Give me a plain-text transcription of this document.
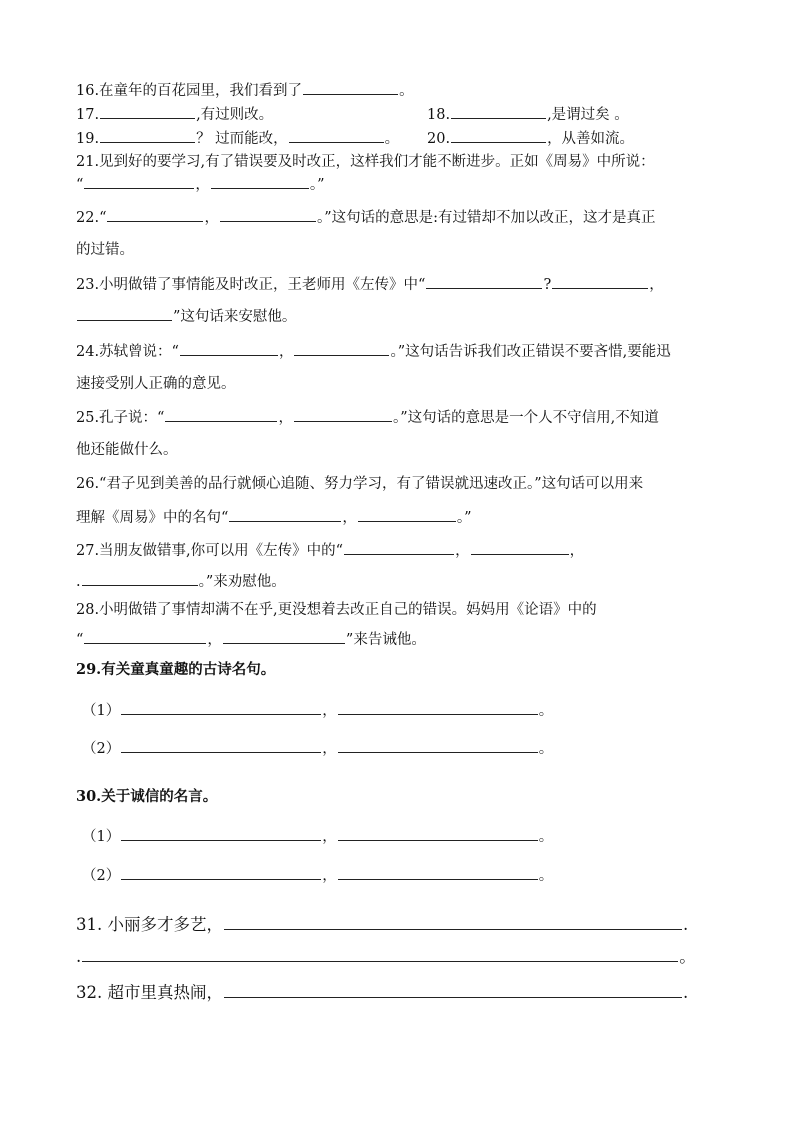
16.在童年的百花园里，我们看到了	。
17.	,有过则改。	18.	,是谓过矣 。
19.	？ 过而能改，	。	20.	，从善如流。
21.见到好的要学习,有了错误要及时改正，这样我们才能不断进步。正如《周易》中所说：
“	，	。”
22.“	，	。”这句话的意思是:有过错却不加以改正，这才是真正
的过错。
23.小明做错了事情能及时改正，王老师用《左传》中“	?	，
”这句话来安慰他。
24.苏轼曾说：“	，	。”这句话告诉我们改正错误不要吝惜,要能迅
速接受别人正确的意见。
25.孔子说：“	，	。”这句话的意思是一个人不守信用,不知道
他还能做什么。
26.“君子见到美善的品行就倾心追随、努力学习，有了错误就迅速改正。”这句话可以用来
理解《周易》中的名句“	，	。”
27.当朋友做错事,你可以用《左传》中的“	，	，
.	。”来劝慰他。
28.小明做错了事情却满不在乎,更没想着去改正自己的错误。妈妈用《论语》中的
“	，	”来告诫他。
29.有关童真童趣的古诗名句。
（1）	，	。
（2）	，	。
30.关于诚信的名言。
（1）	，	。
（2）	，	。
31. 小丽多才多艺，	.
.	。
32. 超市里真热闹，	.
